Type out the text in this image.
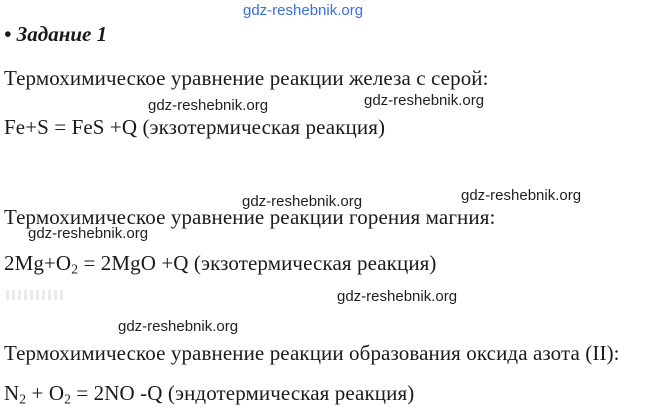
gdz-reshebnik.org
• Задание 1
Термохимическое уравнение реакции железа с серой:
gdz-reshebnik.org	gdz-reshebnik.org
Fe+S = FeS +Q (экзотермическая реакция)
gdz-reshebnik.org	gdz-reshebnik.org
Термохимическое уравнение реакции горения магния:
gdz-reshebnik.org
$2Mg+O_2 = 2MgO +Q$ (экзотермическая реакция)
gdz-reshebnik.org
gdz-reshebnik.org
Термохимическое уравнение реакции образования оксида азота (II):
$N_2 + O_2 = 2NO$ -Q (эндотермическая реакция)
